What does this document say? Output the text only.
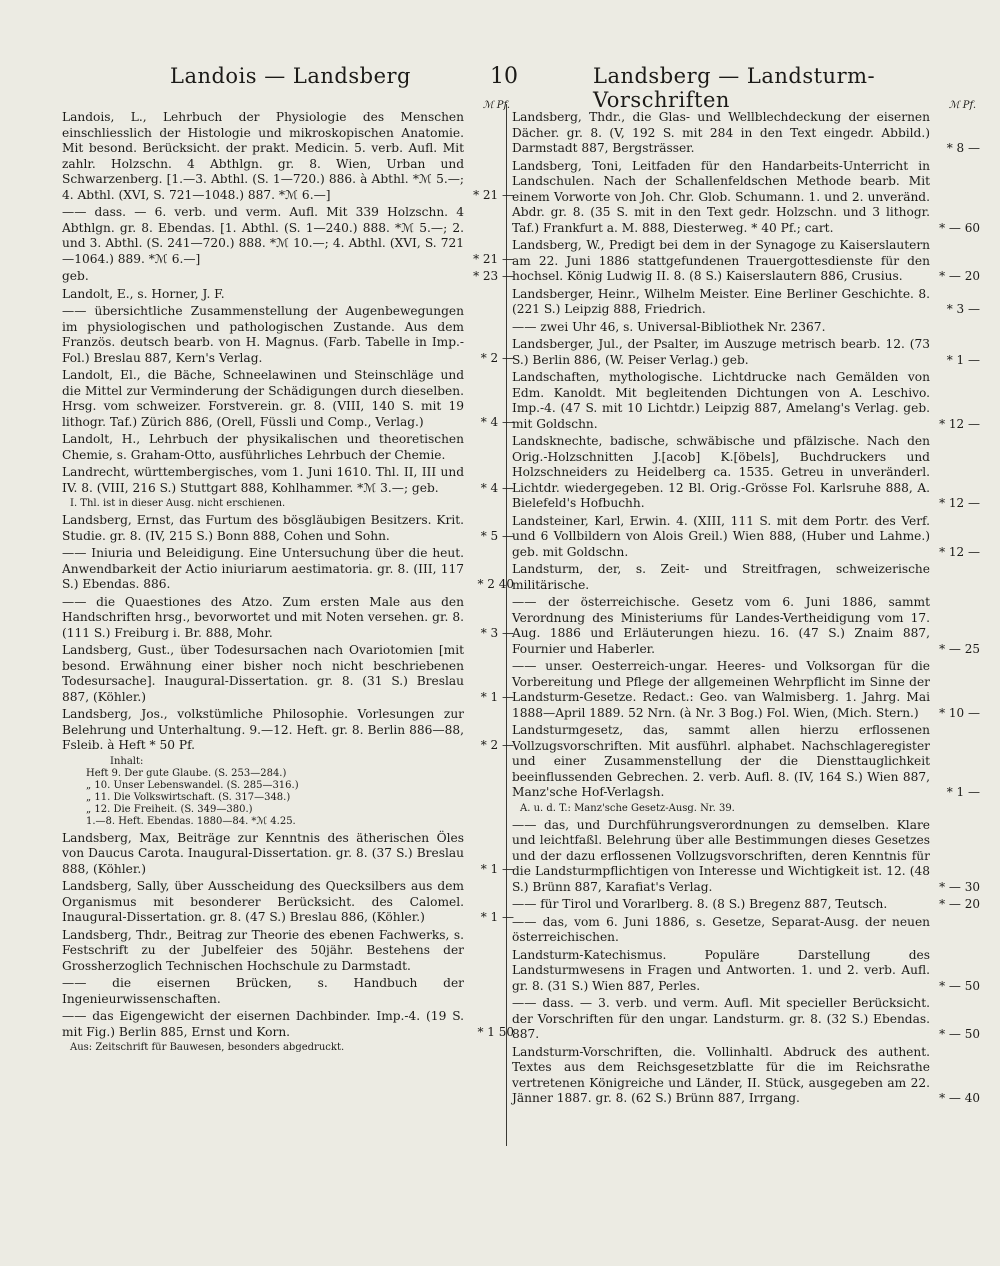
Landois — Landsberg	10	Landsberg — Landsturm-Vorschriften
ℳ Pf.
Landois, L., Lehrbuch der Physiologie des Menschen einschliesslich der Histologie und mikroskopischen Anatomie. Mit besond. Berücksicht. der prakt. Medicin. 5. verb. Aufl. Mit zahlr. Holzschn. 4 Abthlgn. gr. 8. Wien, Urban und Schwarzenberg. [1.—3. Abthl. (S. 1—720.) 886. à Abthl. *ℳ 5.—; 4. Abthl. (XVI, S. 721—1048.) 887. *ℳ 6.—]	* 21 —
—— dass. — 6. verb. und verm. Aufl. Mit 339 Holzschn. 4 Abthlgn. gr. 8. Ebendas. [1. Abthl. (S. 1—240.) 888. *ℳ 5.—; 2. und 3. Abthl. (S. 241—720.) 888. *ℳ 10.—; 4. Abthl. (XVI, S. 721—1064.) 889. *ℳ 6.—]	* 21 —
geb.	* 23 —
Landolt, E., s. Horner, J. F.
—— übersichtliche Zusammenstellung der Augenbewegungen im physiologischen und pathologischen Zustande. Aus dem Französ. deutsch bearb. von H. Magnus. (Farb. Tabelle in Imp.-Fol.) Breslau 887, Kern's Verlag.	* 2 —
Landolt, El., die Bäche, Schneelawinen und Steinschläge und die Mittel zur Verminderung der Schädigungen durch dieselben. Hrsg. vom schweizer. Forstverein. gr. 8. (VIII, 140 S. mit 19 lithogr. Taf.) Zürich 886, (Orell, Füssli und Comp., Verlag.)	* 4 —
Landolt, H., Lehrbuch der physikalischen und theoretischen Chemie, s. Graham-Otto, ausführliches Lehrbuch der Chemie.
Landrecht, württembergisches, vom 1. Juni 1610. Thl. II, III und IV. 8. (VIII, 216 S.) Stuttgart 888, Kohlhammer. *ℳ 3.—; geb.	* 4 —
I. Thl. ist in dieser Ausg. nicht erschienen.
Landsberg, Ernst, das Furtum des bösgläubigen Besitzers. Krit. Studie. gr. 8. (IV, 215 S.) Bonn 888, Cohen und Sohn.	* 5 —
—— Iniuria und Beleidigung. Eine Untersuchung über die heut. Anwendbarkeit der Actio iniuriarum aestimatoria. gr. 8. (III, 117 S.) Ebendas. 886.	* 2 40
—— die Quaestiones des Atzo. Zum ersten Male aus den Handschriften hrsg., bevorwortet und mit Noten versehen. gr. 8. (111 S.) Freiburg i. Br. 888, Mohr.	* 3 —
Landsberg, Gust., über Todesursachen nach Ovariotomien [mit besond. Erwähnung einer bisher noch nicht beschriebenen Todesursache]. Inaugural-Dissertation. gr. 8. (31 S.) Breslau 887, (Köhler.)	* 1 —
Landsberg, Jos., volkstümliche Philosophie. Vorlesungen zur Belehrung und Unterhaltung. 9.—12. Heft. gr. 8. Berlin 886—88, Fsleib. à Heft * 50 Pf.	* 2 —
Inhalt:
Heft 9. Der gute Glaube. (S. 253—284.)
„ 10. Unser Lebenswandel. (S. 285—316.)
„ 11. Die Volkswirtschaft. (S. 317—348.)
„ 12. Die Freiheit. (S. 349—380.)
1.—8. Heft. Ebendas. 1880—84. *ℳ 4.25.
Landsberg, Max, Beiträge zur Kenntnis des ätherischen Öles von Daucus Carota. Inaugural-Dissertation. gr. 8. (37 S.) Breslau 888, (Köhler.)	* 1 —
Landsberg, Sally, über Ausscheidung des Quecksilbers aus dem Organismus mit besonderer Berücksicht. des Calomel. Inaugural-Dissertation. gr. 8. (47 S.) Breslau 886, (Köhler.)	* 1 —
Landsberg, Thdr., Beitrag zur Theorie des ebenen Fachwerks, s. Festschrift zu der Jubelfeier des 50jähr. Bestehens der Grossherzoglich Technischen Hochschule zu Darmstadt.
—— die eisernen Brücken, s. Handbuch der Ingenieurwissenschaften.
—— das Eigengewicht der eisernen Dachbinder. Imp.-4. (19 S. mit Fig.) Berlin 885, Ernst und Korn.	* 1 50
Aus: Zeitschrift für Bauwesen, besonders abgedruckt.
ℳ Pf.
Landsberg, Thdr., die Glas- und Wellblechdeckung der eisernen Dächer. gr. 8. (V, 192 S. mit 284 in den Text eingedr. Abbild.) Darmstadt 887, Bergsträsser.	* 8 —
Landsberg, Toni, Leitfaden für den Handarbeits-Unterricht in Landschulen. Nach der Schallenfeldschen Methode bearb. Mit einem Vorworte von Joh. Chr. Glob. Schumann. 1. und 2. unveränd. Abdr. gr. 8. (35 S. mit in den Text gedr. Holzschn. und 3 lithogr. Taf.) Frankfurt a. M. 888, Diesterweg. * 40 Pf.; cart.	* — 60
Landsberg, W., Predigt bei dem in der Synagoge zu Kaiserslautern am 22. Juni 1886 stattgefundenen Trauergottesdienste für den hochsel. König Ludwig II. 8. (8 S.) Kaiserslautern 886, Crusius.	* — 20
Landsberger, Heinr., Wilhelm Meister. Eine Berliner Geschichte. 8. (221 S.) Leipzig 888, Friedrich.	* 3 —
—— zwei Uhr 46, s. Universal-Bibliothek Nr. 2367.
Landsberger, Jul., der Psalter, im Auszuge metrisch bearb. 12. (73 S.) Berlin 886, (W. Peiser Verlag.) geb.	* 1 —
Landschaften, mythologische. Lichtdrucke nach Gemälden von Edm. Kanoldt. Mit begleitenden Dichtungen von A. Leschivo. Imp.-4. (47 S. mit 10 Lichtdr.) Leipzig 887, Amelang's Verlag. geb. mit Goldschn.	* 12 —
Landsknechte, badische, schwäbische und pfälzische. Nach den Orig.-Holzschnitten J.[acob] K.[öbels], Buchdruckers und Holzschneiders zu Heidelberg ca. 1535. Getreu in unveränderl. Lichtdr. wiedergegeben. 12 Bl. Orig.-Grösse Fol. Karlsruhe 888, A. Bielefeld's Hofbuchh.	* 12 —
Landsteiner, Karl, Erwin. 4. (XIII, 111 S. mit dem Portr. des Verf. und 6 Vollbildern von Alois Greil.) Wien 888, (Huber und Lahme.) geb. mit Goldschn.	* 12 —
Landsturm, der, s. Zeit- und Streitfragen, schweizerische militärische.
—— der österreichische. Gesetz vom 6. Juni 1886, sammt Verordnung des Ministeriums für Landes-Vertheidigung vom 17. Aug. 1886 und Erläuterungen hiezu. 16. (47 S.) Znaim 887, Fournier und Haberler.	* — 25
—— unser. Oesterreich-ungar. Heeres- und Volksorgan für die Vorbereitung und Pflege der allgemeinen Wehrpflicht im Sinne der Landsturm-Gesetze. Redact.: Geo. van Walmisberg. 1. Jahrg. Mai 1888—April 1889. 52 Nrn. (à Nr. 3 Bog.) Fol. Wien, (Mich. Stern.)	* 10 —
Landsturmgesetz, das, sammt allen hierzu erflossenen Vollzugsvorschriften. Mit ausführl. alphabet. Nachschlageregister und einer Zusammenstellung der die Diensttauglichkeit beeinflussenden Gebrechen. 2. verb. Aufl. 8. (IV, 164 S.) Wien 887, Manz'sche Hof-Verlagsh.	* 1 —
A. u. d. T.: Manz'sche Gesetz-Ausg. Nr. 39.
—— das, und Durchführungsverordnungen zu demselben. Klare und leichtfaßl. Belehrung über alle Bestimmungen dieses Gesetzes und der dazu erflossenen Vollzugsvorschriften, deren Kenntnis für die Landsturmpflichtigen von Interesse und Wichtigkeit ist. 12. (48 S.) Brünn 887, Karafiat's Verlag.	* — 30
—— für Tirol und Vorarlberg. 8. (8 S.) Bregenz 887, Teutsch.	* — 20
—— das, vom 6. Juni 1886, s. Gesetze, Separat-Ausg. der neuen österreichischen.
Landsturm-Katechismus. Populäre Darstellung des Landsturmwesens in Fragen und Antworten. 1. und 2. verb. Aufl. gr. 8. (31 S.) Wien 887, Perles.	* — 50
—— dass. — 3. verb. und verm. Aufl. Mit specieller Berücksicht. der Vorschriften für den ungar. Landsturm. gr. 8. (32 S.) Ebendas. 887.	* — 50
Landsturm-Vorschriften, die. Vollinhaltl. Abdruck des authent. Textes aus dem Reichsgesetzblatte für die im Reichsrathe vertretenen Königreiche und Länder, II. Stück, ausgegeben am 22. Jänner 1887. gr. 8. (62 S.) Brünn 887, Irrgang.	* — 40
